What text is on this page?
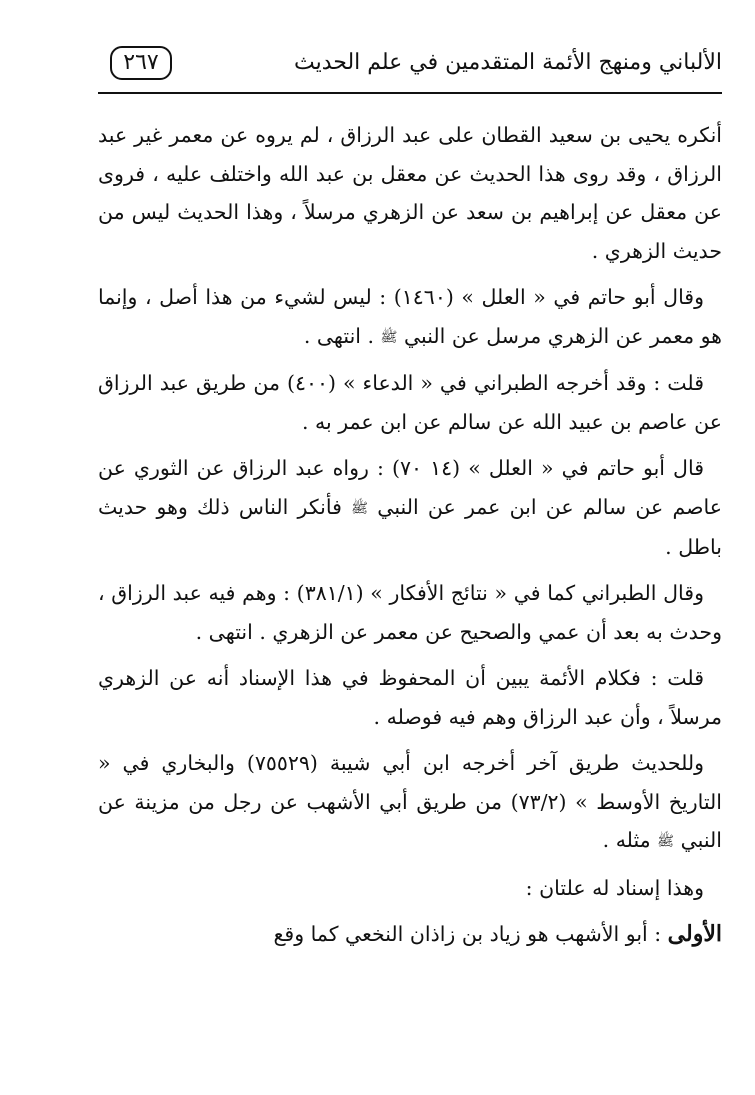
٢٦٧	الألباني ومنهج الأئمة المتقدمين في علم الحديث

أنكره يحيى بن سعيد القطان على عبد الرزاق ، لم يروه عن معمر غير عبد الرزاق ، وقد روى هذا الحديث عن معقل بن عبد الله واختلف عليه ، فروى عن معقل عن إبراهيم بن سعد عن الزهري مرسلاً ، وهذا الحديث ليس من حديث الزهري .

وقال أبو حاتم في « العلل » (١٤٦٠) : ليس لشيء من هذا أصل ، وإنما هو معمر عن الزهري مرسل عن النبي ﷺ . انتهى .

قلت : وقد أخرجه الطبراني في « الدعاء » (٤٠٠) من طريق عبد الرزاق عن عاصم بن عبيد الله عن سالم عن ابن عمر به .

قال أبو حاتم في « العلل » (١٤ ٧٠) : رواه عبد الرزاق عن الثوري عن عاصم عن سالم عن ابن عمر عن النبي ﷺ فأنكر الناس ذلك وهو حديث باطل .

وقال الطبراني كما في « نتائج الأفكار » (٣٨١/١) : وهم فيه عبد الرزاق ، وحدث به بعد أن عمي والصحيح عن معمر عن الزهري . انتهى .

قلت : فكلام الأئمة يبين أن المحفوظ في هذا الإسناد أنه عن الزهري مرسلاً ، وأن عبد الرزاق وهم فيه فوصله .

وللحديث طريق آخر أخرجه ابن أبي شيبة (٧٥٥٢٩) والبخاري في « التاريخ الأوسط » (٧٣/٢) من طريق أبي الأشهب عن رجل من مزينة عن النبي ﷺ مثله .

وهذا إسناد له علتان :

الأولى : أبو الأشهب هو زياد بن زاذان النخعي كما وقع
